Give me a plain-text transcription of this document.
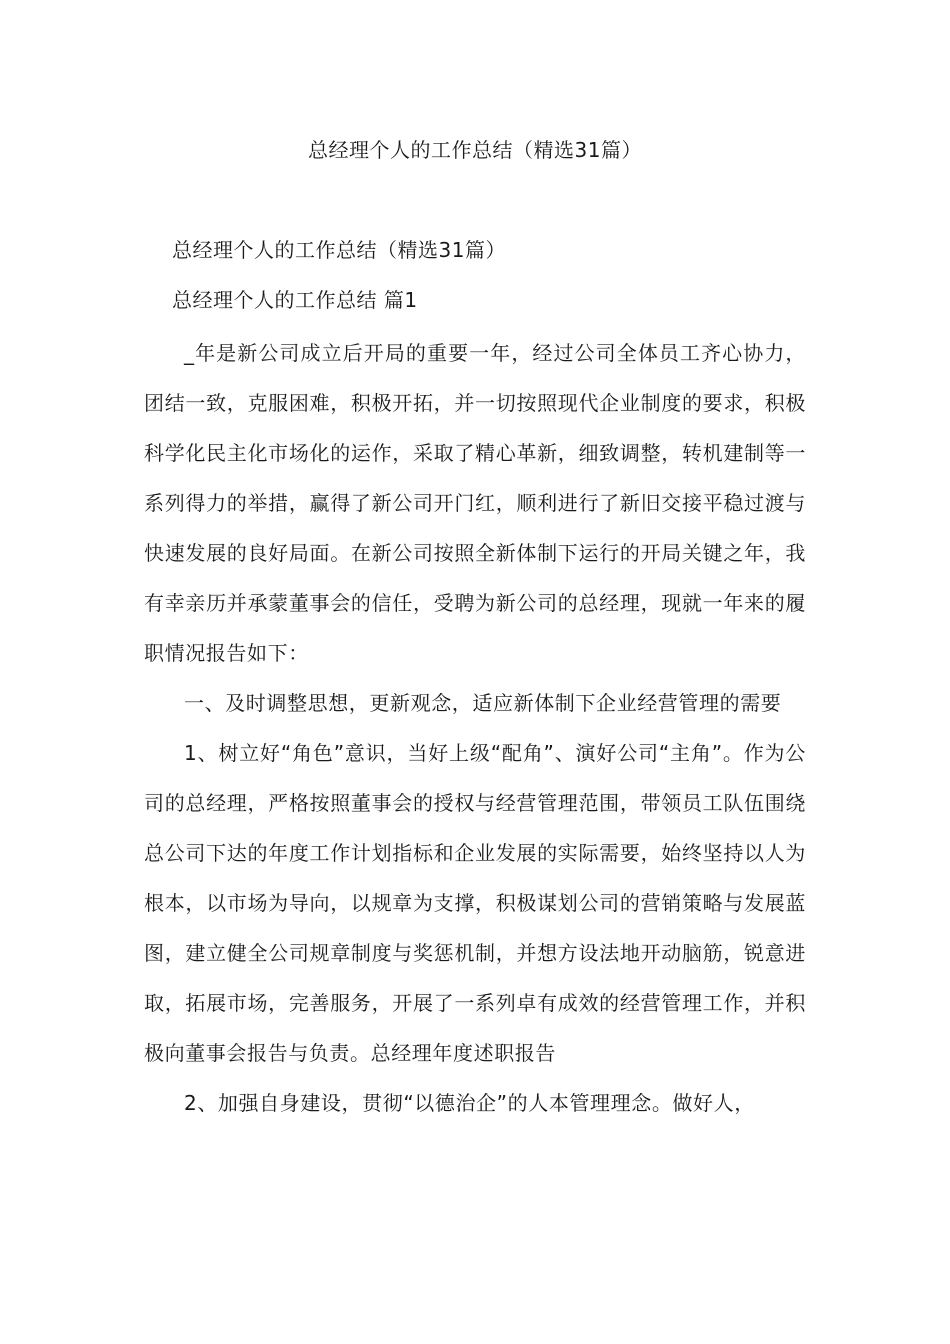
总经理个人的工作总结（精选31篇）
总经理个人的工作总结（精选31篇）
总经理个人的工作总结 篇1

_年是新公司成立后开局的重要一年，经过公司全体员工齐心协力，团结一致，克服困难，积极开拓，并一切按照现代企业制度的要求，积极科学化民主化市场化的运作，采取了精心革新，细致调整，转机建制等一系列得力的举措，赢得了新公司开门红，顺利进行了新旧交接平稳过渡与快速发展的良好局面。在新公司按照全新体制下运行的开局关键之年，我有幸亲历并承蒙董事会的信任，受聘为新公司的总经理，现就一年来的履职情况报告如下：

一、及时调整思想，更新观念，适应新体制下企业经营管理的需要

1、树立好“角色”意识，当好上级“配角”、演好公司“主角”。作为公司的总经理，严格按照董事会的授权与经营管理范围，带领员工队伍围绕总公司下达的年度工作计划指标和企业发展的实际需要，始终坚持以人为根本，以市场为导向，以规章为支撑，积极谋划公司的营销策略与发展蓝图，建立健全公司规章制度与奖惩机制，并想方设法地开动脑筋，锐意进取，拓展市场，完善服务，开展了一系列卓有成效的经营管理工作，并积极向董事会报告与负责。总经理年度述职报告

2、加强自身建设，贯彻“以德治企”的人本管理理念。做好人，
